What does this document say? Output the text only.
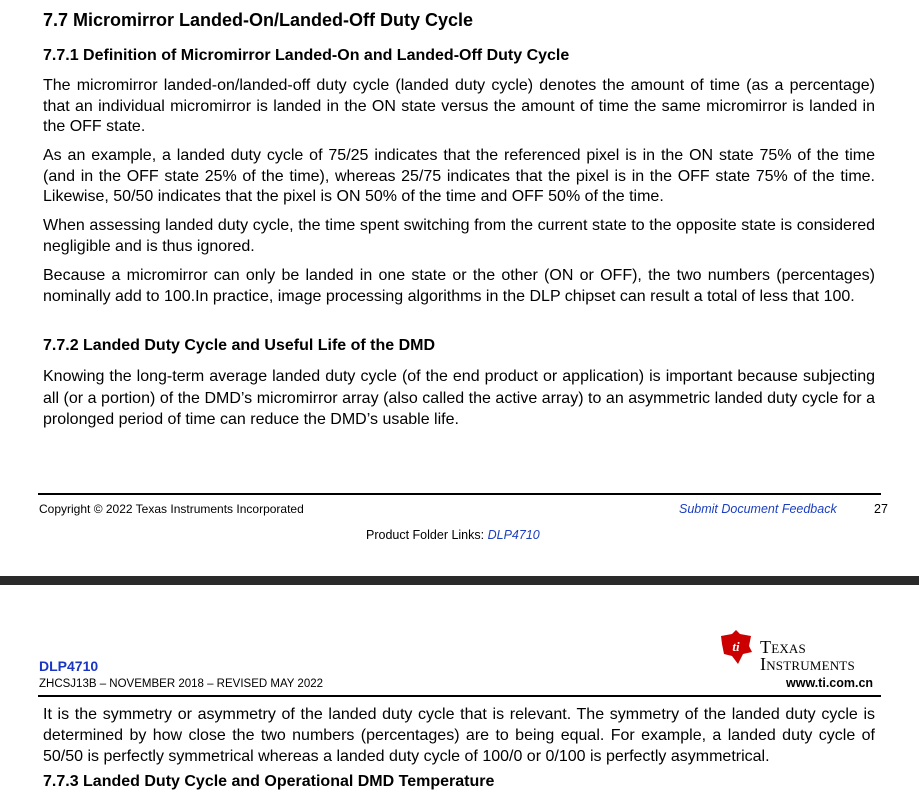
7.7 Micromirror Landed-On/Landed-Off Duty Cycle
7.7.1 Definition of Micromirror Landed-On and Landed-Off Duty Cycle

The micromirror landed-on/landed-off duty cycle (landed duty cycle) denotes the amount of time (as a percentage) that an individual micromirror is landed in the ON state versus the amount of time the same micromirror is landed in the OFF state.

As an example, a landed duty cycle of 75/25 indicates that the referenced pixel is in the ON state 75% of the time (and in the OFF state 25% of the time), whereas 25/75 indicates that the pixel is in the OFF state 75% of the time. Likewise, 50/50 indicates that the pixel is ON 50% of the time and OFF 50% of the time.

When assessing landed duty cycle, the time spent switching from the current state to the opposite state is considered negligible and is thus ignored.

Because a micromirror can only be landed in one state or the other (ON or OFF), the two numbers (percentages) nominally add to 100.In practice, image processing algorithms in the DLP chipset can result a total of less that 100.

7.7.2 Landed Duty Cycle and Useful Life of the DMD

Knowing the long-term average landed duty cycle (of the end product or application) is important because subjecting all (or a portion) of the DMD’s micromirror array (also called the active array) to an asymmetric landed duty cycle for a prolonged period of time can reduce the DMD’s usable life.

Copyright © 2022 Texas Instruments Incorporated	Submit Document Feedback	27
Product Folder Links: DLP4710
DLP4710
ZHCSJ13B – NOVEMBER 2018 – REVISED MAY 2022
ti Texas
Instruments
www.ti.com.cn

It is the symmetry or asymmetry of the landed duty cycle that is relevant. The symmetry of the landed duty cycle is determined by how close the two numbers (percentages) are to being equal. For example, a landed duty cycle of 50/50 is perfectly symmetrical whereas a landed duty cycle of 100/0 or 0/100 is perfectly asymmetrical.

7.7.3 Landed Duty Cycle and Operational DMD Temperature
